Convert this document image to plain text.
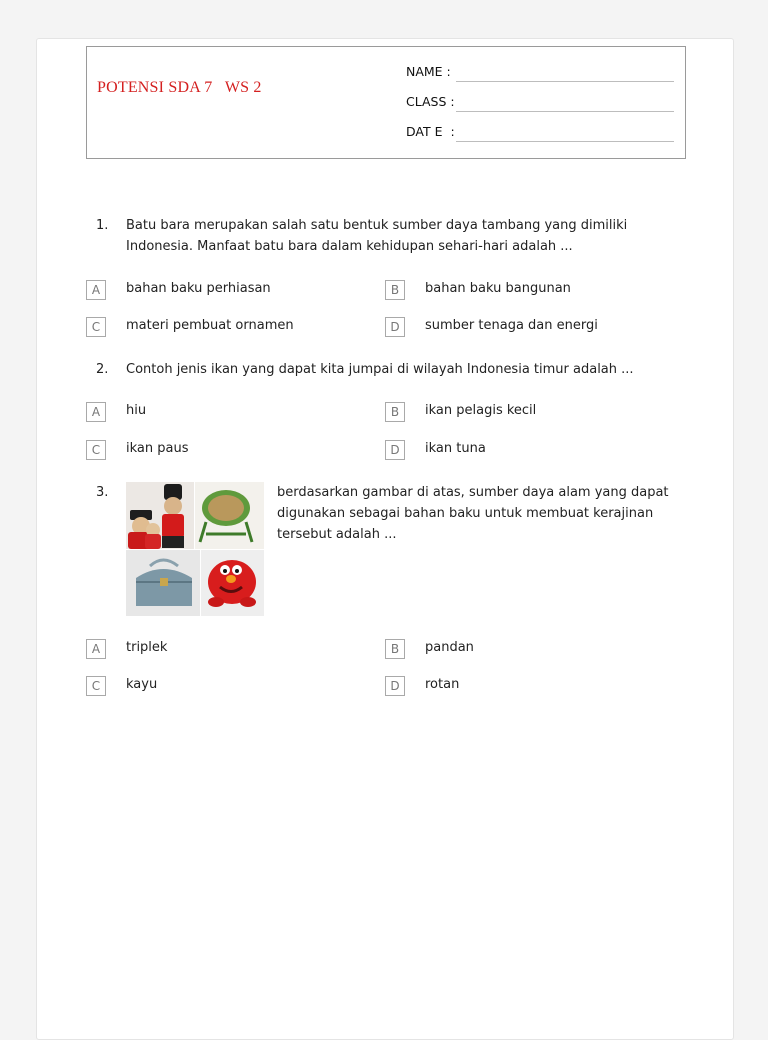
POTENSI SDA 7   WS 2
NAME :
CLASS :
DAT E  :
1. Batu bara merupakan salah satu bentuk sumber daya tambang yang dimiliki Indonesia. Manfaat batu bara dalam kehidupan sehari-hari adalah ...
A	bahan baku perhiasan	B	bahan baku bangunan
C	materi pembuat ornamen	D	sumber tenaga dan energi
2. Contoh jenis ikan yang dapat kita jumpai di wilayah Indonesia timur adalah ...
A	hiu	B	ikan pelagis kecil
C	ikan paus	D	ikan tuna
3.	berdasarkan gambar di atas, sumber daya alam yang dapat digunakan sebagai bahan baku untuk membuat kerajinan tersebut adalah ...
A	triplek	B	pandan
C	kayu	D	rotan
